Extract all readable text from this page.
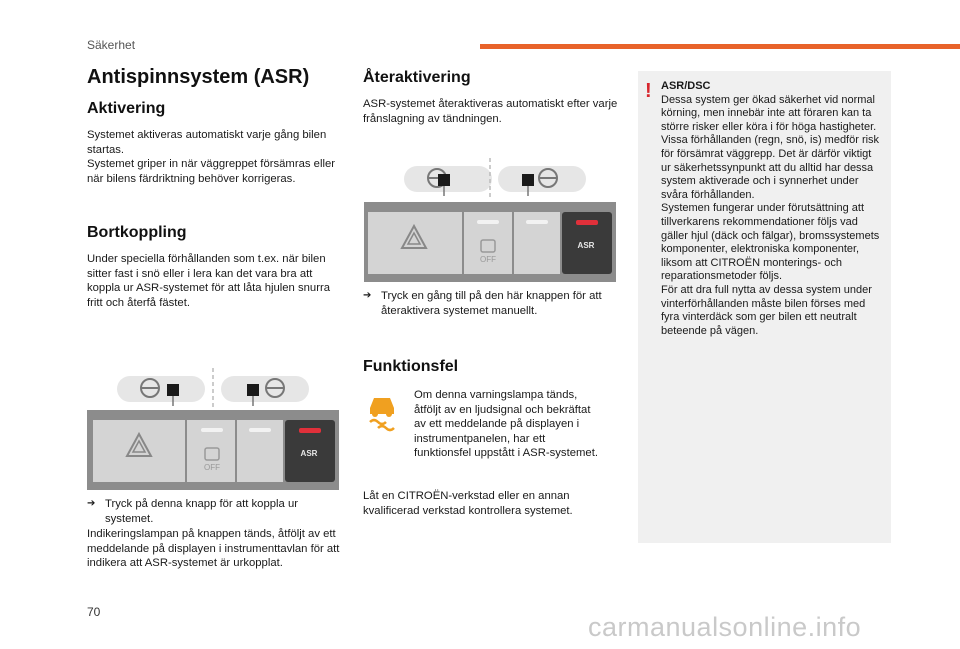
Säkerhet
Antispinnsystem (ASR)
Aktivering

Systemet aktiveras automatiskt varje gång bilen startas.

Systemet griper in när väggreppet försämras eller när bilens färdriktning behöver korrigeras.

Bortkoppling
Under speciella förhållanden som t.ex. när bilen sitter fast i snö eller i lera kan det vara bra att koppla ur ASR-systemet för att låta hjulen snurra fritt och återfå fästet.
OFF
ASR
➔ Tryck på denna knapp för att koppla ur systemet.
Indikeringslampan på knappen tänds, åtföljt av ett meddelande på displayen i instrumenttavlan för att indikera att ASR-systemet är urkopplat.
Återaktivering
ASR-systemet återaktiveras automatiskt efter varje frånslagning av tändningen.
OFF
ASR
➔ Tryck en gång till på den här knappen för att återaktivera systemet manuellt.
Funktionsfel
Om denna varningslampa tänds, åtföljt av en ljudsignal och bekräftat av ett meddelande på displayen i instrumentpanelen, har ett funktionsfel uppstått i ASR-systemet.
Låt en CITROËN-verkstad eller en annan kvalificerad verkstad kontrollera systemet.
! ASR/DSC
Dessa system ger ökad säkerhet vid normal körning, men innebär inte att föraren kan ta större risker eller köra i för höga hastigheter.
Vissa förhållanden (regn, snö, is) medför risk för försämrat väggrepp. Det är därför viktigt ur säkerhetssynpunkt att du alltid har dessa system aktiverade och i synnerhet under svåra förhållanden.
Systemen fungerar under förutsättning att tillverkarens rekommendationer följs vad gäller hjul (däck och fälgar), bromssystemets komponenter, elektroniska komponenter, liksom att CITROËN monterings- och reparationsmetoder följs.
För att dra full nytta av dessa system under vinterförhållanden måste bilen förses med fyra vinterdäck som ger bilen ett neutralt beteende på vägen.
70	carmanualsonline.info
